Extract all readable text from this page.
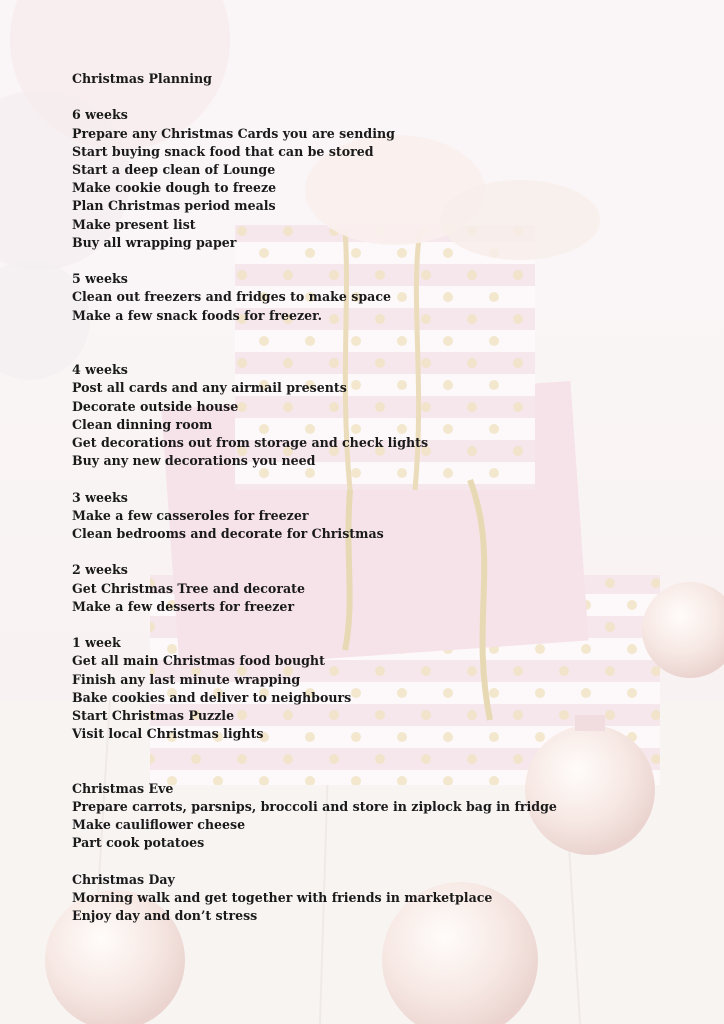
Christmas Planning
6 weeks
Prepare any Christmas Cards you are sending
Start buying snack food that can be stored
Start a deep clean of Lounge
Make cookie dough to freeze
Plan Christmas period meals
Make present list
Buy all wrapping paper
5 weeks
Clean out freezers and fridges to make space
Make a few snack foods for freezer.
4 weeks
Post all cards and any airmail presents
Decorate outside house
Clean dinning room
Get decorations out from storage and check lights
Buy any new decorations you need
3 weeks
Make a few casseroles for freezer
Clean bedrooms and decorate for Christmas
2 weeks
Get Christmas Tree and decorate
Make a few desserts for freezer
1 week
Get all main Christmas food bought
Finish any last minute wrapping
Bake cookies and deliver to neighbours
Start Christmas Puzzle
Visit local Christmas lights
Christmas Eve
Prepare carrots, parsnips, broccoli and store in ziplock bag in fridge
Make cauliflower cheese
Part cook potatoes
Christmas Day
Morning walk and get together with friends in marketplace
Enjoy day and don’t stress
